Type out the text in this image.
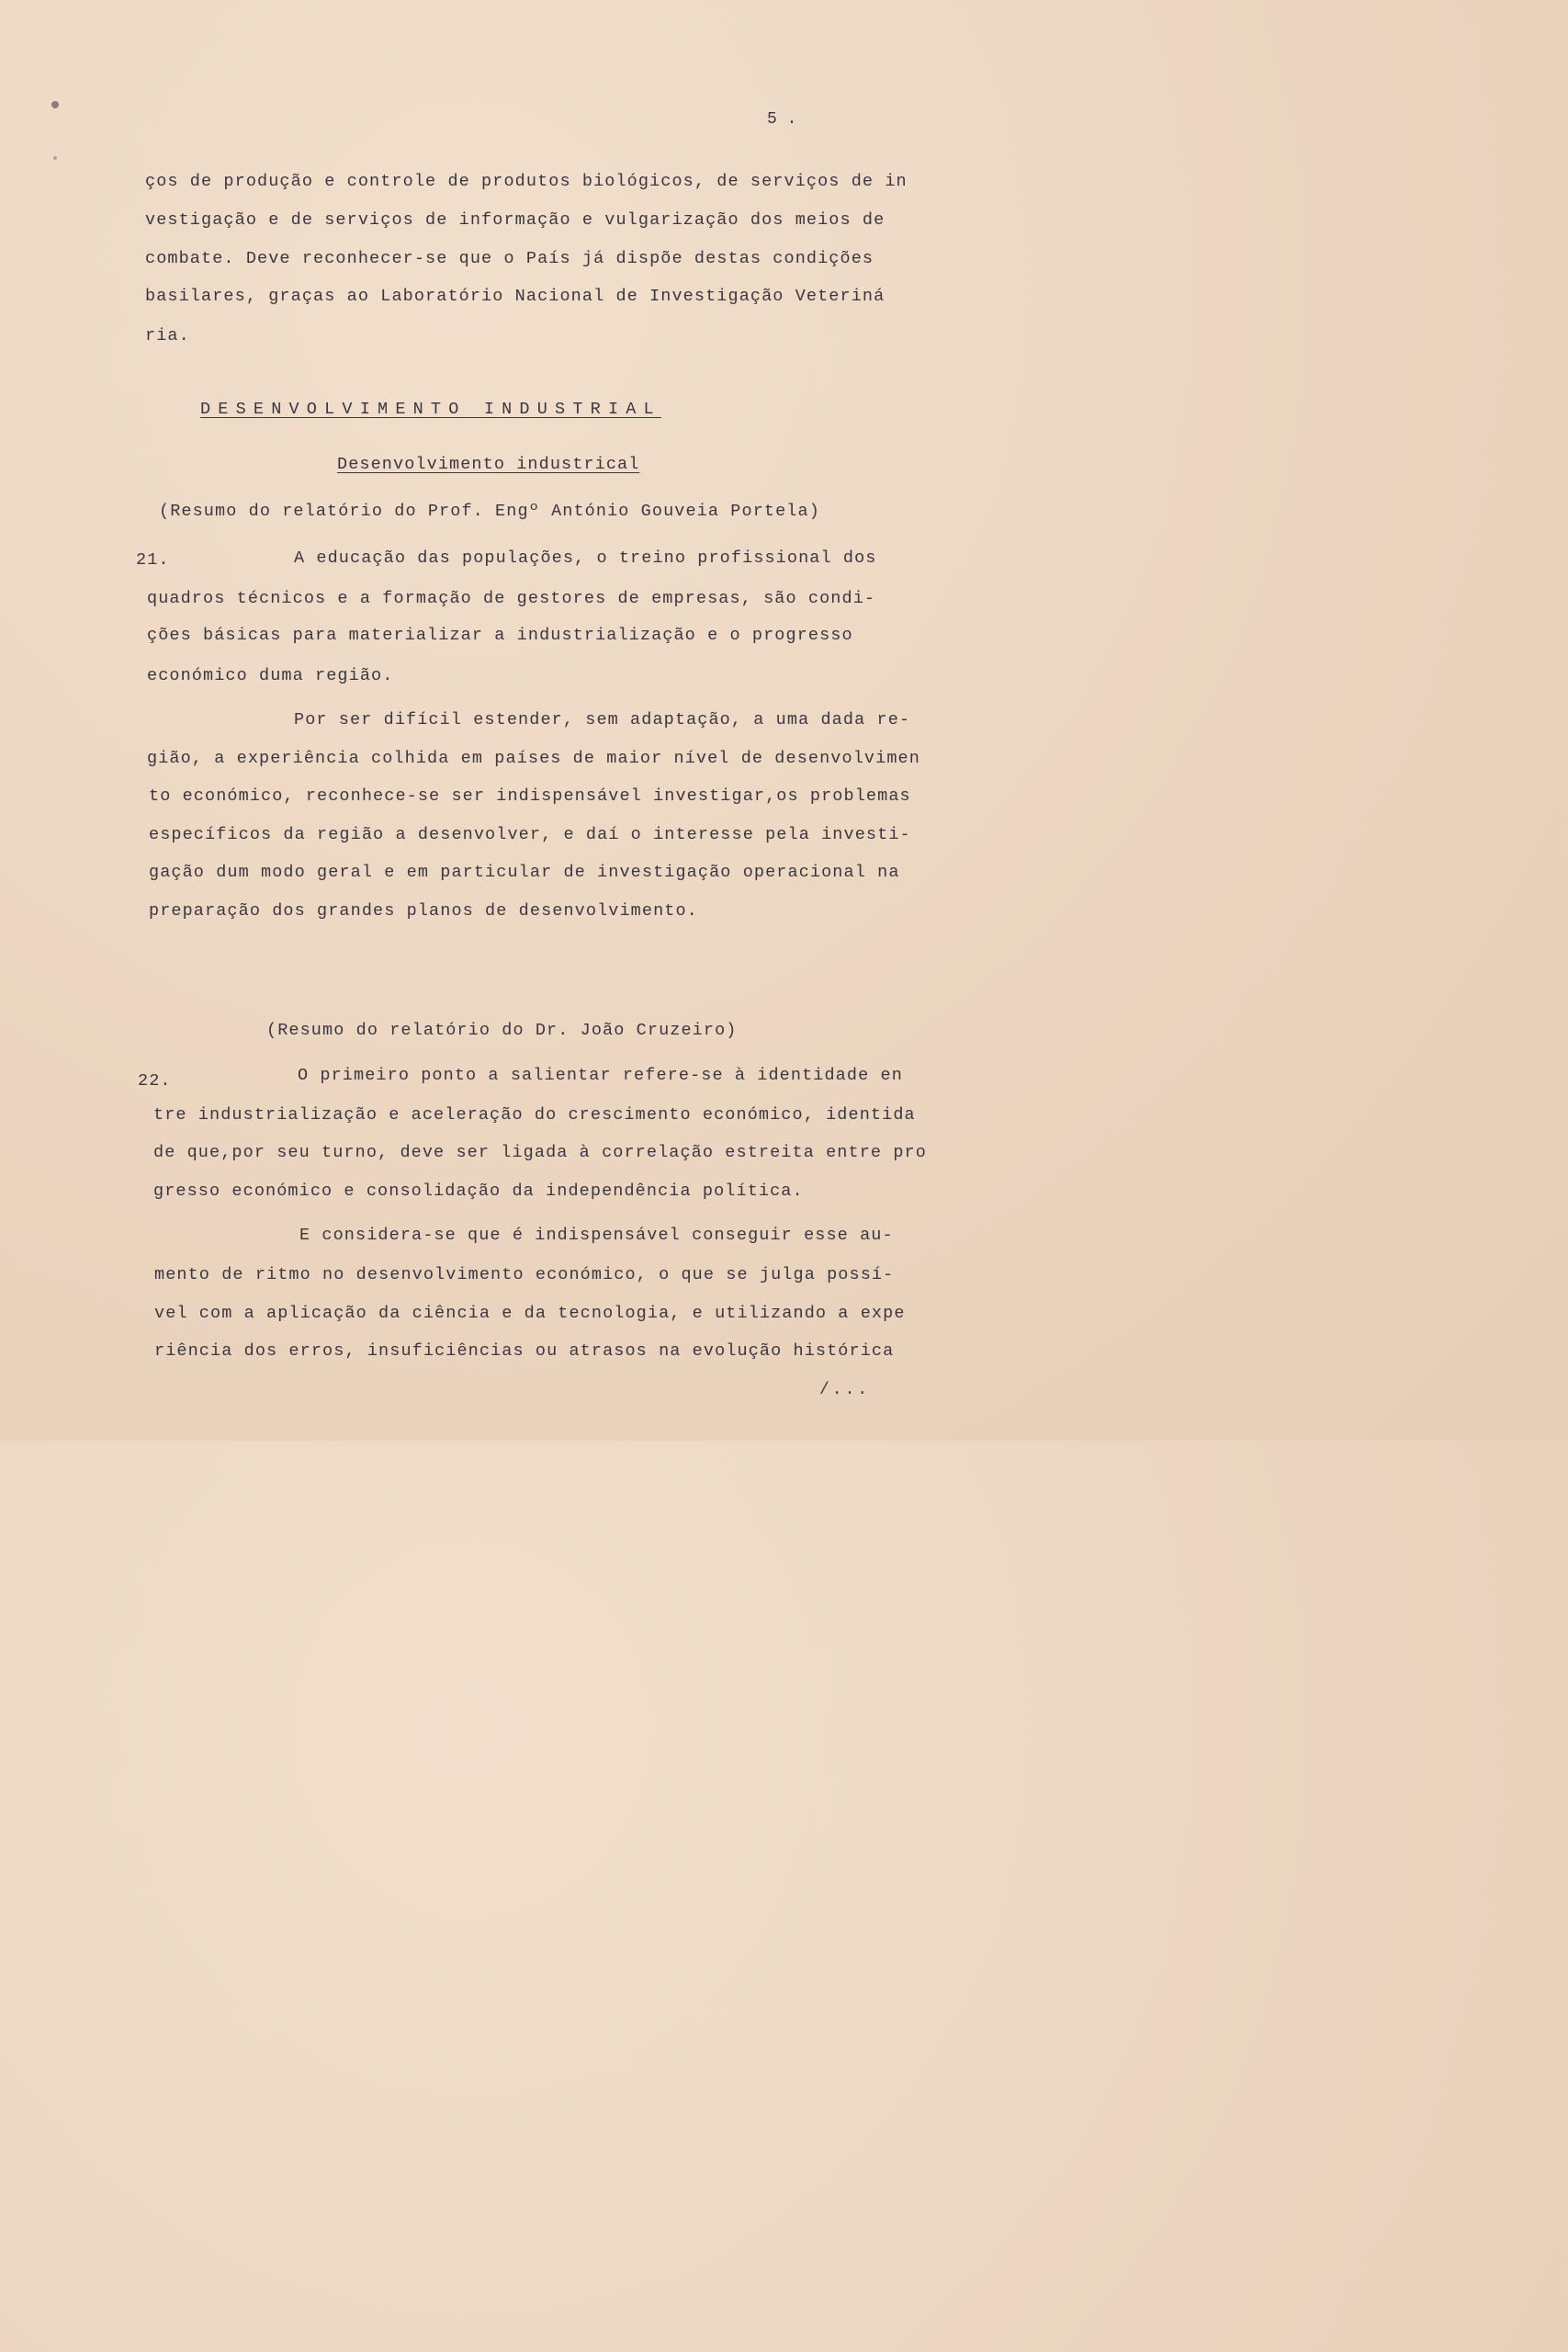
5 .
ços de produção e controle de produtos biológicos, de serviços de in
vestigação e de serviços de informação e vulgarização dos meios de
combate. Deve reconhecer-se que o País já dispõe destas condições
basilares, graças ao Laboratório Nacional de Investigação Veteriná
ria.
DESENVOLVIMENTO INDUSTRIAL
Desenvolvimento industrical
(Resumo do relatório do Prof. Engº António Gouveia Portela)
21.	A educação das populações, o treino profissional dos
quadros técnicos e a formação de gestores de empresas, são condi-
ções básicas para materializar a industrialização e o progresso
económico duma região.
Por ser difícil estender, sem adaptação, a uma dada re-
gião, a experiência colhida em países de maior nível de desenvolvimen
to económico, reconhece-se ser indispensável investigar,os problemas
específicos da região a desenvolver, e daí o interesse pela investi-
gação dum modo geral e em particular de investigação operacional na
preparação dos grandes planos de desenvolvimento.
(Resumo do relatório do Dr. João Cruzeiro)
22.	O primeiro ponto a salientar refere-se à identidade en
tre industrialização e aceleração do crescimento económico, identida
de que,por seu turno, deve ser ligada à correlação estreita entre pro
gresso económico e consolidação da independência política.
E considera-se que é indispensável conseguir esse au-
mento de ritmo no desenvolvimento económico, o que se julga possí-
vel com a aplicação da ciência e da tecnologia, e utilizando a expe
riência dos erros, insuficiências ou atrasos na evolução histórica
/...
